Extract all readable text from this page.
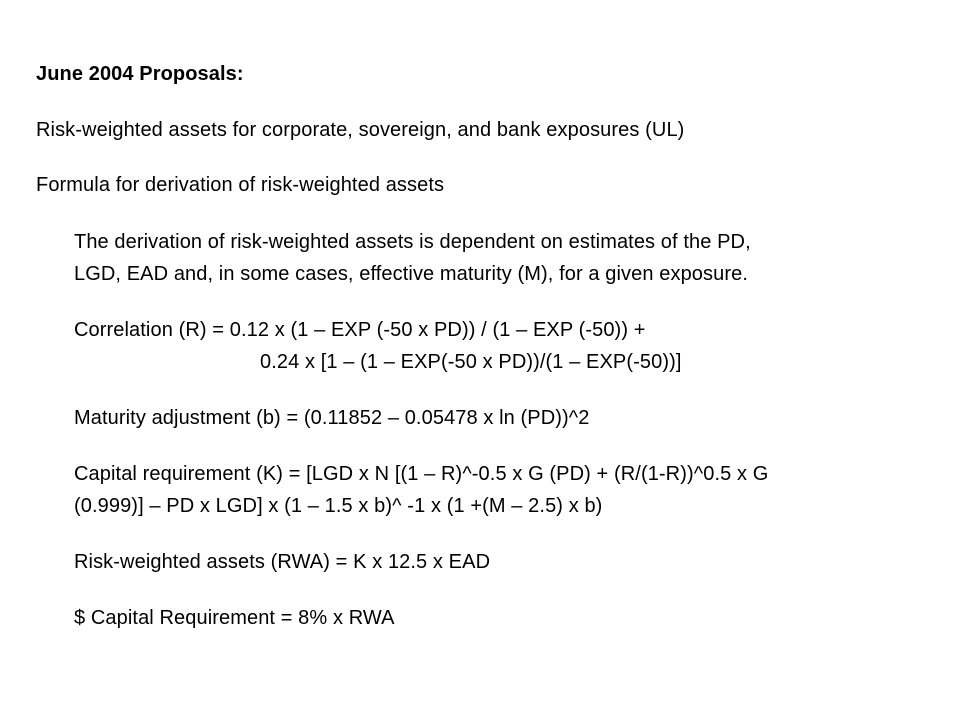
June 2004 Proposals:
Risk-weighted assets for corporate, sovereign, and bank exposures (UL)
Formula for derivation of risk-weighted assets
The derivation of risk-weighted assets is dependent on estimates of the PD,
LGD, EAD and, in some cases, effective maturity (M), for a given exposure.
Correlation (R) = 0.12 x (1 – EXP (-50 x PD)) / (1 – EXP (-50)) +
0.24 x [1 – (1 – EXP(-50 x PD))/(1 – EXP(-50))]
Maturity adjustment (b) = (0.11852 – 0.05478 x ln (PD))^2
Capital requirement (K) = [LGD x N [(1 – R)^-0.5 x G (PD) + (R/(1-R))^0.5 x G
(0.999)] – PD x LGD] x (1 – 1.5 x b)^ -1 x (1 +(M – 2.5) x b)
Risk-weighted assets (RWA) = K x 12.5 x EAD
$ Capital Requirement = 8% x RWA
